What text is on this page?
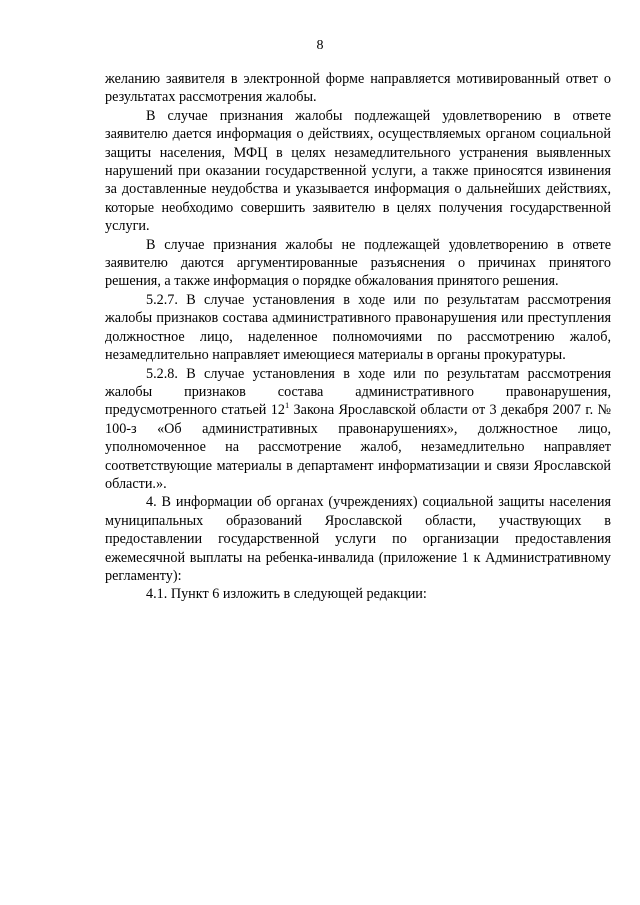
8

желанию заявителя в электронной форме направляется мотивированный ответ о результатах рассмотрения жалобы.

В случае признания жалобы подлежащей удовлетворению в ответе заявителю дается информация о действиях, осуществляемых органом социальной защиты населения, МФЦ в целях незамедлительного устранения выявленных нарушений при оказании государственной услуги, а также приносятся извинения за доставленные неудобства и указывается информация о дальнейших действиях, которые необходимо совершить заявителю в целях получения государственной услуги.

В случае признания жалобы не подлежащей удовлетворению в ответе заявителю даются аргументированные разъяснения о причинах принятого решения, а также информация о порядке обжалования принятого решения.

5.2.7. В случае установления в ходе или по результатам рассмотрения жалобы признаков состава административного правонарушения или преступления должностное лицо, наделенное полномочиями по рассмотрению жалоб, незамедлительно направляет имеющиеся материалы в органы прокуратуры.

5.2.8. В случае установления в ходе или по результатам рассмотрения жалобы признаков состава административного правонарушения, предусмотренного статьей $12^1$ Закона Ярославской области от 3 декабря 2007 г. № 100-з «Об административных правонарушениях», должностное лицо, уполномоченное на рассмотрение жалоб, незамедлительно направляет соответствующие материалы в департамент информатизации и связи Ярославской области.».

4. В информации об органах (учреждениях) социальной защиты населения муниципальных образований Ярославской области, участвующих в предоставлении государственной услуги по организации предоставления ежемесячной выплаты на ребенка-инвалида (приложение 1 к Административному регламенту):

4.1. Пункт 6 изложить в следующей редакции:
